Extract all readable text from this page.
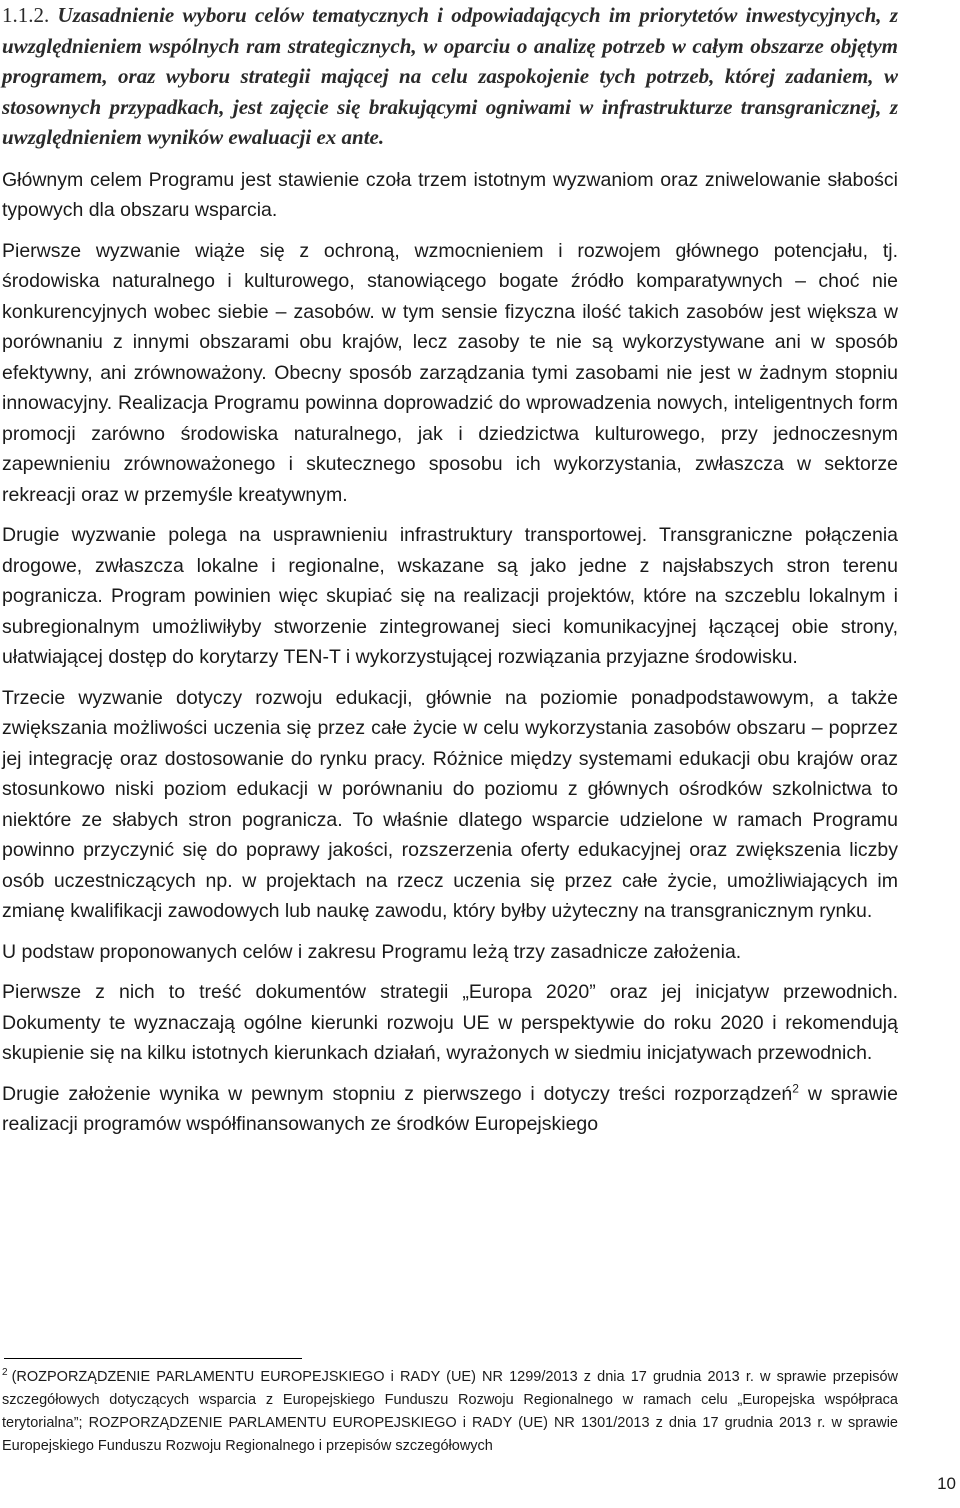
1.1.2. Uzasadnienie wyboru celów tematycznych i odpowiadających im priorytetów inwestycyjnych, z uwzględnieniem wspólnych ram strategicznych, w oparciu o analizę potrzeb w całym obszarze objętym programem, oraz wyboru strategii mającej na celu zaspokojenie tych potrzeb, której zadaniem, w stosownych przypadkach, jest zajęcie się brakującymi ogniwami w infrastrukturze transgranicznej, z uwzględnieniem wyników ewaluacji ex ante.

Głównym celem Programu jest stawienie czoła trzem istotnym wyzwaniom oraz zniwelowanie słabości typowych dla obszaru wsparcia.

Pierwsze wyzwanie wiąże się z ochroną, wzmocnieniem i rozwojem głównego potencjału, tj. środowiska naturalnego i kulturowego, stanowiącego bogate źródło komparatywnych – choć nie konkurencyjnych wobec siebie – zasobów. w tym sensie fizyczna ilość takich zasobów jest większa w porównaniu z innymi obszarami obu krajów, lecz zasoby te nie są wykorzystywane ani w sposób efektywny, ani zrównoważony. Obecny sposób zarządzania tymi zasobami nie jest w żadnym stopniu innowacyjny. Realizacja Programu powinna doprowadzić do wprowadzenia nowych, inteligentnych form promocji zarówno środowiska naturalnego, jak i dziedzictwa kulturowego, przy jednoczesnym zapewnieniu zrównoważonego i skutecznego sposobu ich wykorzystania, zwłaszcza w sektorze rekreacji oraz w przemyśle kreatywnym.

Drugie wyzwanie polega na usprawnieniu infrastruktury transportowej. Transgraniczne połączenia drogowe, zwłaszcza lokalne i regionalne, wskazane są jako jedne z najsłabszych stron terenu pogranicza. Program powinien więc skupiać się na realizacji projektów, które na szczeblu lokalnym i subregionalnym umożliwiłyby stworzenie zintegrowanej sieci komunikacyjnej łączącej obie strony, ułatwiającej dostęp do korytarzy TEN-T i wykorzystującej rozwiązania przyjazne środowisku.

Trzecie wyzwanie dotyczy rozwoju edukacji, głównie na poziomie ponadpodstawowym, a także zwiększania możliwości uczenia się przez całe życie w celu wykorzystania zasobów obszaru – poprzez jej integrację oraz dostosowanie do rynku pracy. Różnice między systemami edukacji obu krajów oraz stosunkowo niski poziom edukacji w porównaniu do poziomu z głównych ośrodków szkolnictwa to niektóre ze słabych stron pogranicza. To właśnie dlatego wsparcie udzielone w ramach Programu powinno przyczynić się do poprawy jakości, rozszerzenia oferty edukacyjnej oraz zwiększenia liczby osób uczestniczących np. w projektach na rzecz uczenia się przez całe życie, umożliwiających im zmianę kwalifikacji zawodowych lub naukę zawodu, który byłby użyteczny na transgranicznym rynku.

U podstaw proponowanych celów i zakresu Programu leżą trzy zasadnicze założenia.

Pierwsze z nich to treść dokumentów strategii „Europa 2020” oraz jej inicjatyw przewodnich. Dokumenty te wyznaczają ogólne kierunki rozwoju UE w perspektywie do roku 2020 i rekomendują skupienie się na kilku istotnych kierunkach działań, wyrażonych w siedmiu inicjatywach przewodnich.

Drugie założenie wynika w pewnym stopniu z pierwszego i dotyczy treści rozporządzeń$^2$ w sprawie realizacji programów współfinansowanych ze środków Europejskiego

$^2$ (ROZPORZĄDZENIE PARLAMENTU EUROPEJSKIEGO i RADY (UE) NR 1299/2013 z dnia 17 grudnia 2013 r. w sprawie przepisów szczegółowych dotyczących wsparcia z Europejskiego Funduszu Rozwoju Regionalnego w ramach celu „Europejska współpraca terytorialna”; ROZPORZĄDZENIE PARLAMENTU EUROPEJSKIEGO i RADY (UE) NR 1301/2013 z dnia 17 grudnia 2013 r. w sprawie Europejskiego Funduszu Rozwoju Regionalnego i przepisów szczegółowych
10
